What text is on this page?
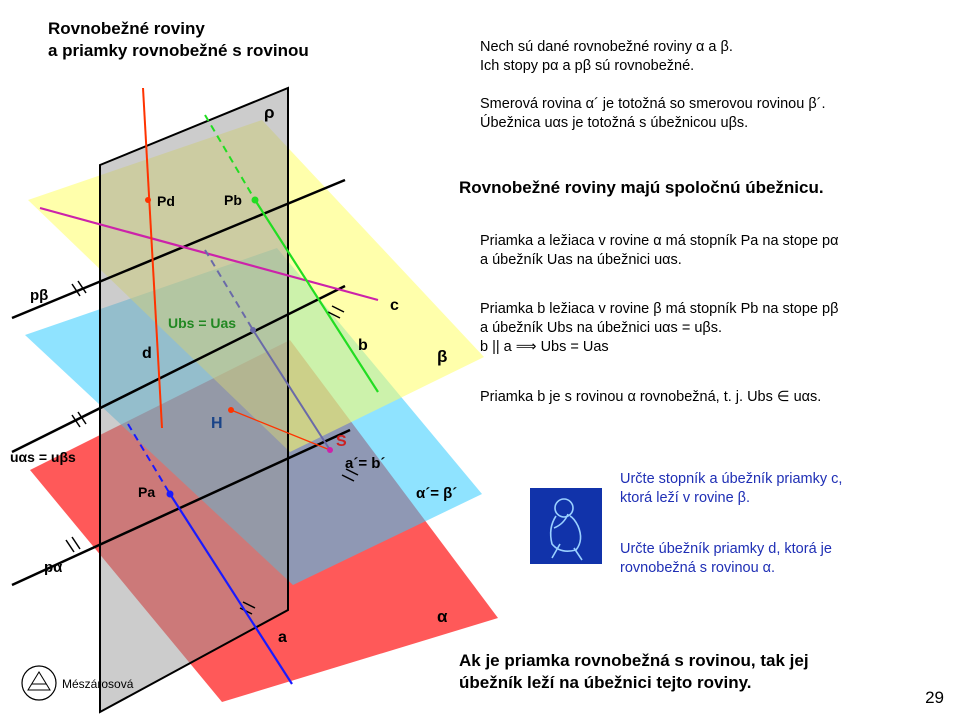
Rovnobežné roviny
a priamky rovnobežné s rovinou
ρ
β
α
α´= β´
pβ
uαs = uβs
pα
Pd	Pb
Ubs = Uas
c
b
d
H
S
a´= b´
Pa
a
Nech sú dané rovnobežné roviny α a β.
Ich stopy pα a pβ sú rovnobežné.
Smerová rovina α´ je totožná so smerovou rovinou β´.
Úbežnica uαs je totožná s úbežnicou uβs.
Rovnobežné roviny majú spoločnú úbežnicu.
Priamka a ležiaca v rovine α má stopník Pa na stope pα
a úbežník Uas na úbežnici uαs.
Priamka b ležiaca v rovine β má stopník Pb na stope pβ
a úbežník Ubs na úbežnici uαs = uβs.
b || a ⟹ Ubs = Uas
Priamka b je s rovinou α rovnobežná, t. j. Ubs ∈ uαs.
Určte stopník a úbežník priamky c,
ktorá leží v rovine β.
Určte úbežník priamky d, ktorá je
rovnobežná s rovinou α.
Ak je priamka rovnobežná s rovinou, tak jej
úbežník leží na úbežnici tejto roviny.
Mészárosová
29
